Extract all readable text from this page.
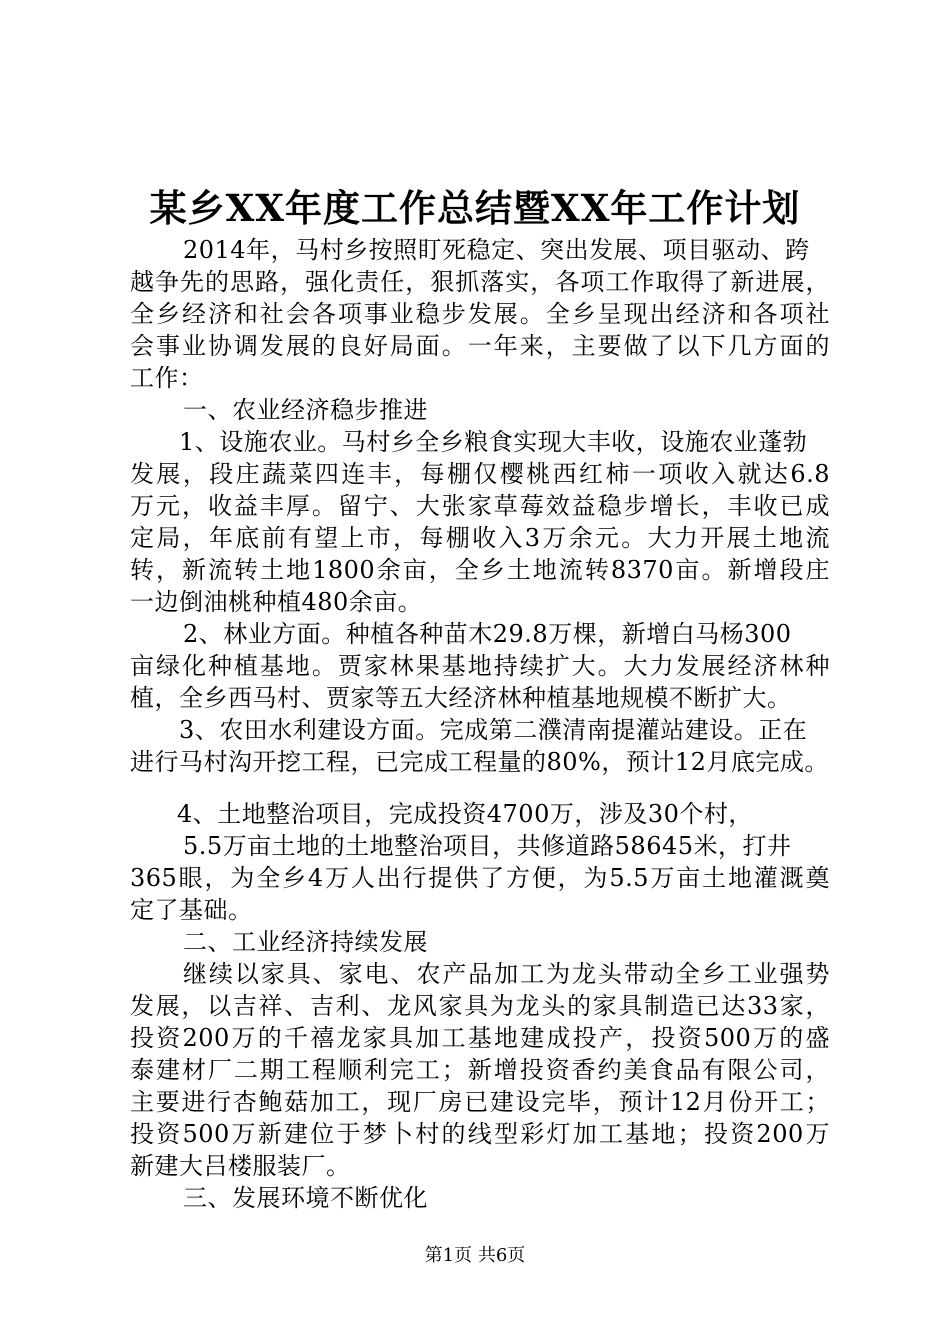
某乡XX年度工作总结暨XX年工作计划
2014年，马村乡按照盯死稳定、突出发展、项目驱动、跨
越争先的思路，强化责任，狠抓落实，各项工作取得了新进展，
全乡经济和社会各项事业稳步发展。全乡呈现出经济和各项社
会事业协调发展的良好局面。一年来，主要做了以下几方面的
工作：
一、农业经济稳步推进
1、设施农业。马村乡全乡粮食实现大丰收，设施农业蓬勃
发展，段庄蔬菜四连丰，每棚仅樱桃西红柿一项收入就达6.8
万元，收益丰厚。留宁、大张家草莓效益稳步增长，丰收已成
定局，年底前有望上市，每棚收入3万余元。大力开展土地流
转，新流转土地1800余亩，全乡土地流转8370亩。新增段庄
一边倒油桃种植480余亩。
2、林业方面。种植各种苗木29.8万棵，新增白马杨300
亩绿化种植基地。贾家林果基地持续扩大。大力发展经济林种
植，全乡西马村、贾家等五大经济林种植基地规模不断扩大。
3、农田水利建设方面。完成第二濮清南提灌站建设。正在
进行马村沟开挖工程，已完成工程量的80%，预计12月底完成。
4、土地整治项目，完成投资4700万，涉及30个村，
5.5万亩土地的土地整治项目，共修道路58645米，打井
365眼，为全乡4万人出行提供了方便，为5.5万亩土地灌溉奠
定了基础。
二、工业经济持续发展
继续以家具、家电、农产品加工为龙头带动全乡工业强势
发展，以吉祥、吉利、龙风家具为龙头的家具制造已达33家，
投资200万的千禧龙家具加工基地建成投产，投资500万的盛
泰建材厂二期工程顺利完工；新增投资香约美食品有限公司，
主要进行杏鲍菇加工，现厂房已建设完毕，预计12月份开工；
投资500万新建位于梦卜村的线型彩灯加工基地；投资200万
新建大吕楼服装厂。
三、发展环境不断优化
第1页 共6页
